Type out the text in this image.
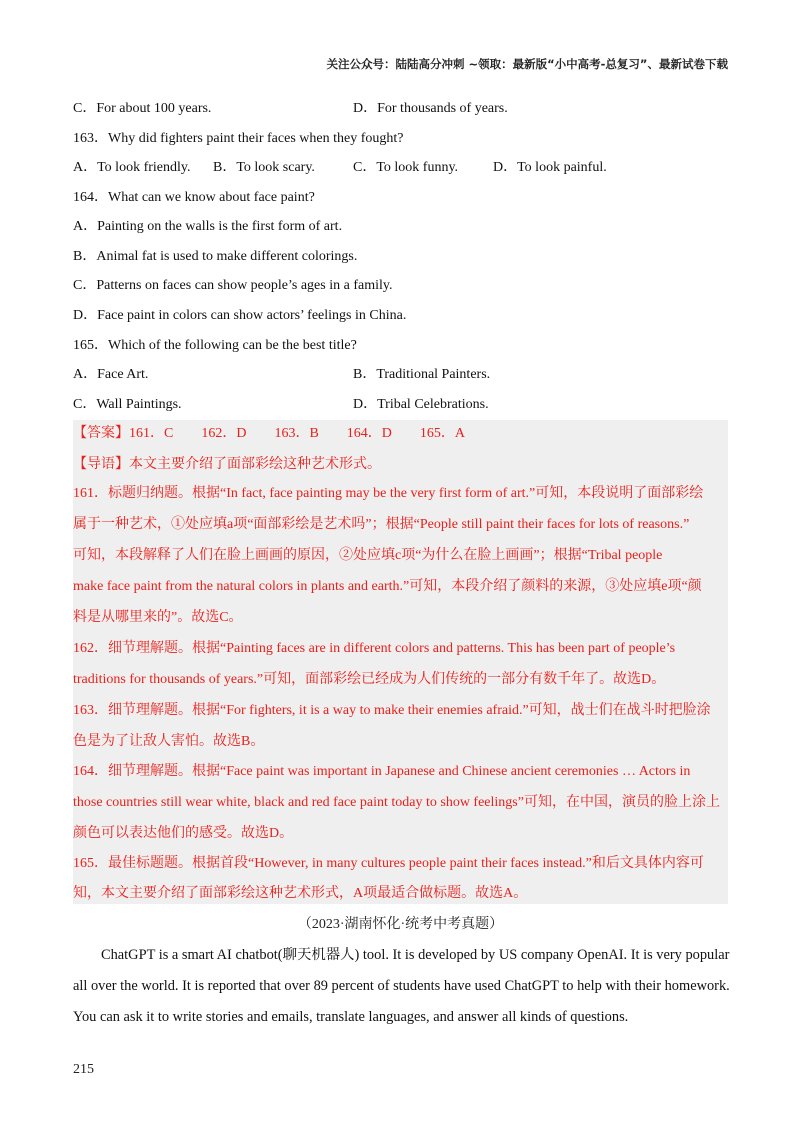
关注公众号：陆陆高分冲刺 ~领取：最新版“小中高考-总复习”、最新试卷下载
C．For about 100 years.	D．For thousands of years.
163．Why did fighters paint their faces when they fought?
A．To look friendly. B．To look scary.	C．To look funny. D．To look painful.
164．What can we know about face paint?
A．Painting on the walls is the first form of art.
B．Animal fat is used to make different colorings.
C．Patterns on faces can show people’s ages in a family.
D．Face paint in colors can show actors’ feelings in China.
165．Which of the following can be the best title?
A．Face Art.	B．Traditional Painters.
C．Wall Paintings.	D．Tribal Celebrations.
【答案】161．C        162．D        163．B        164．D        165．A
【导语】本文主要介绍了面部彩绘这种艺术形式。
161．标题归纳题。根据“In fact, face painting may be the very first form of art.”可知，本段说明了面部彩绘
属于一种艺术，①处应填a项“面部彩绘是艺术吗”；根据“People still paint their faces for lots of reasons.”
可知，本段解释了人们在脸上画画的原因，②处应填c项“为什么在脸上画画”；根据“Tribal people
make face paint from the natural colors in plants and earth.”可知，本段介绍了颜料的来源，③处应填e项“颜
料是从哪里来的”。故选C。
162．细节理解题。根据“Painting faces are in different colors and patterns. This has been part of people’s
traditions for thousands of years.”可知，面部彩绘已经成为人们传统的一部分有数千年了。故选D。
163．细节理解题。根据“For fighters, it is a way to make their enemies afraid.”可知，战士们在战斗时把脸涂
色是为了让敌人害怕。故选B。
164．细节理解题。根据“Face paint was important in Japanese and Chinese ancient ceremonies … Actors in
those countries still wear white, black and red face paint today to show feelings”可知，在中国，演员的脸上涂上
颜色可以表达他们的感受。故选D。
165．最佳标题题。根据首段“However, in many cultures people paint their faces instead.”和后文具体内容可
知，本文主要介绍了面部彩绘这种艺术形式，A项最适合做标题。故选A。
（2023·湖南怀化·统考中考真题）
ChatGPT is a smart AI chatbot(聊天机器人) tool. It is developed by US company OpenAI. It is very popular
all over the world. It is reported that over 89 percent of students have used ChatGPT to help with their homework.
You can ask it to write stories and emails, translate languages, and answer all kinds of questions.
215
